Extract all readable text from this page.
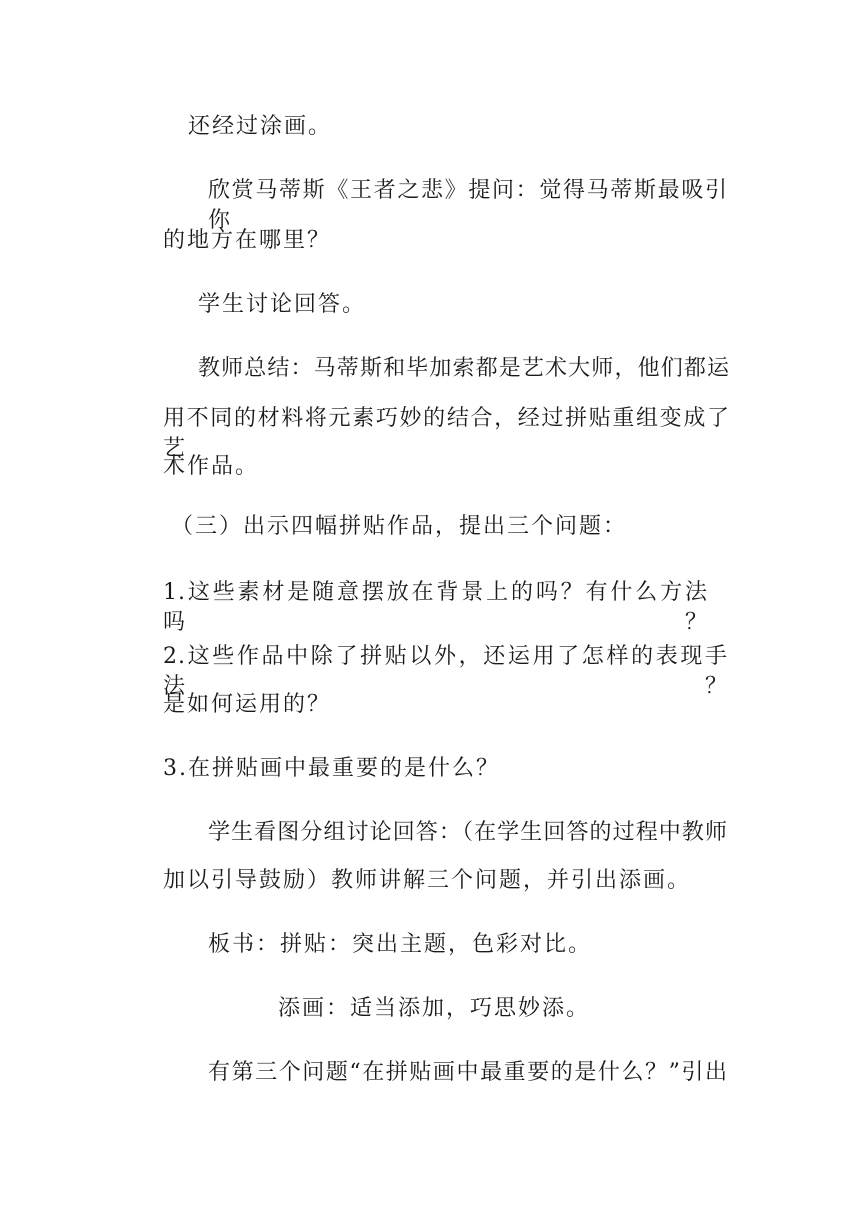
还经过涂画。
欣赏马蒂斯《王者之悲》提问：觉得马蒂斯最吸引你
的地方在哪里？
学生讨论回答。
教师总结：马蒂斯和毕加索都是艺术大师，他们都运
用不同的材料将元素巧妙的结合，经过拼贴重组变成了艺
术作品。
（三）出示四幅拼贴作品，提出三个问题：
1.这些素材是随意摆放在背景上的吗？有什么方法吗？
2.这些作品中除了拼贴以外，还运用了怎样的表现手法？
是如何运用的？
3.在拼贴画中最重要的是什么？
学生看图分组讨论回答：（在学生回答的过程中教师
加以引导鼓励）教师讲解三个问题，并引出添画。
板书：拼贴：突出主题，色彩对比。
添画：适当添加，巧思妙添。
有第三个问题“在拼贴画中最重要的是什么？”引出
